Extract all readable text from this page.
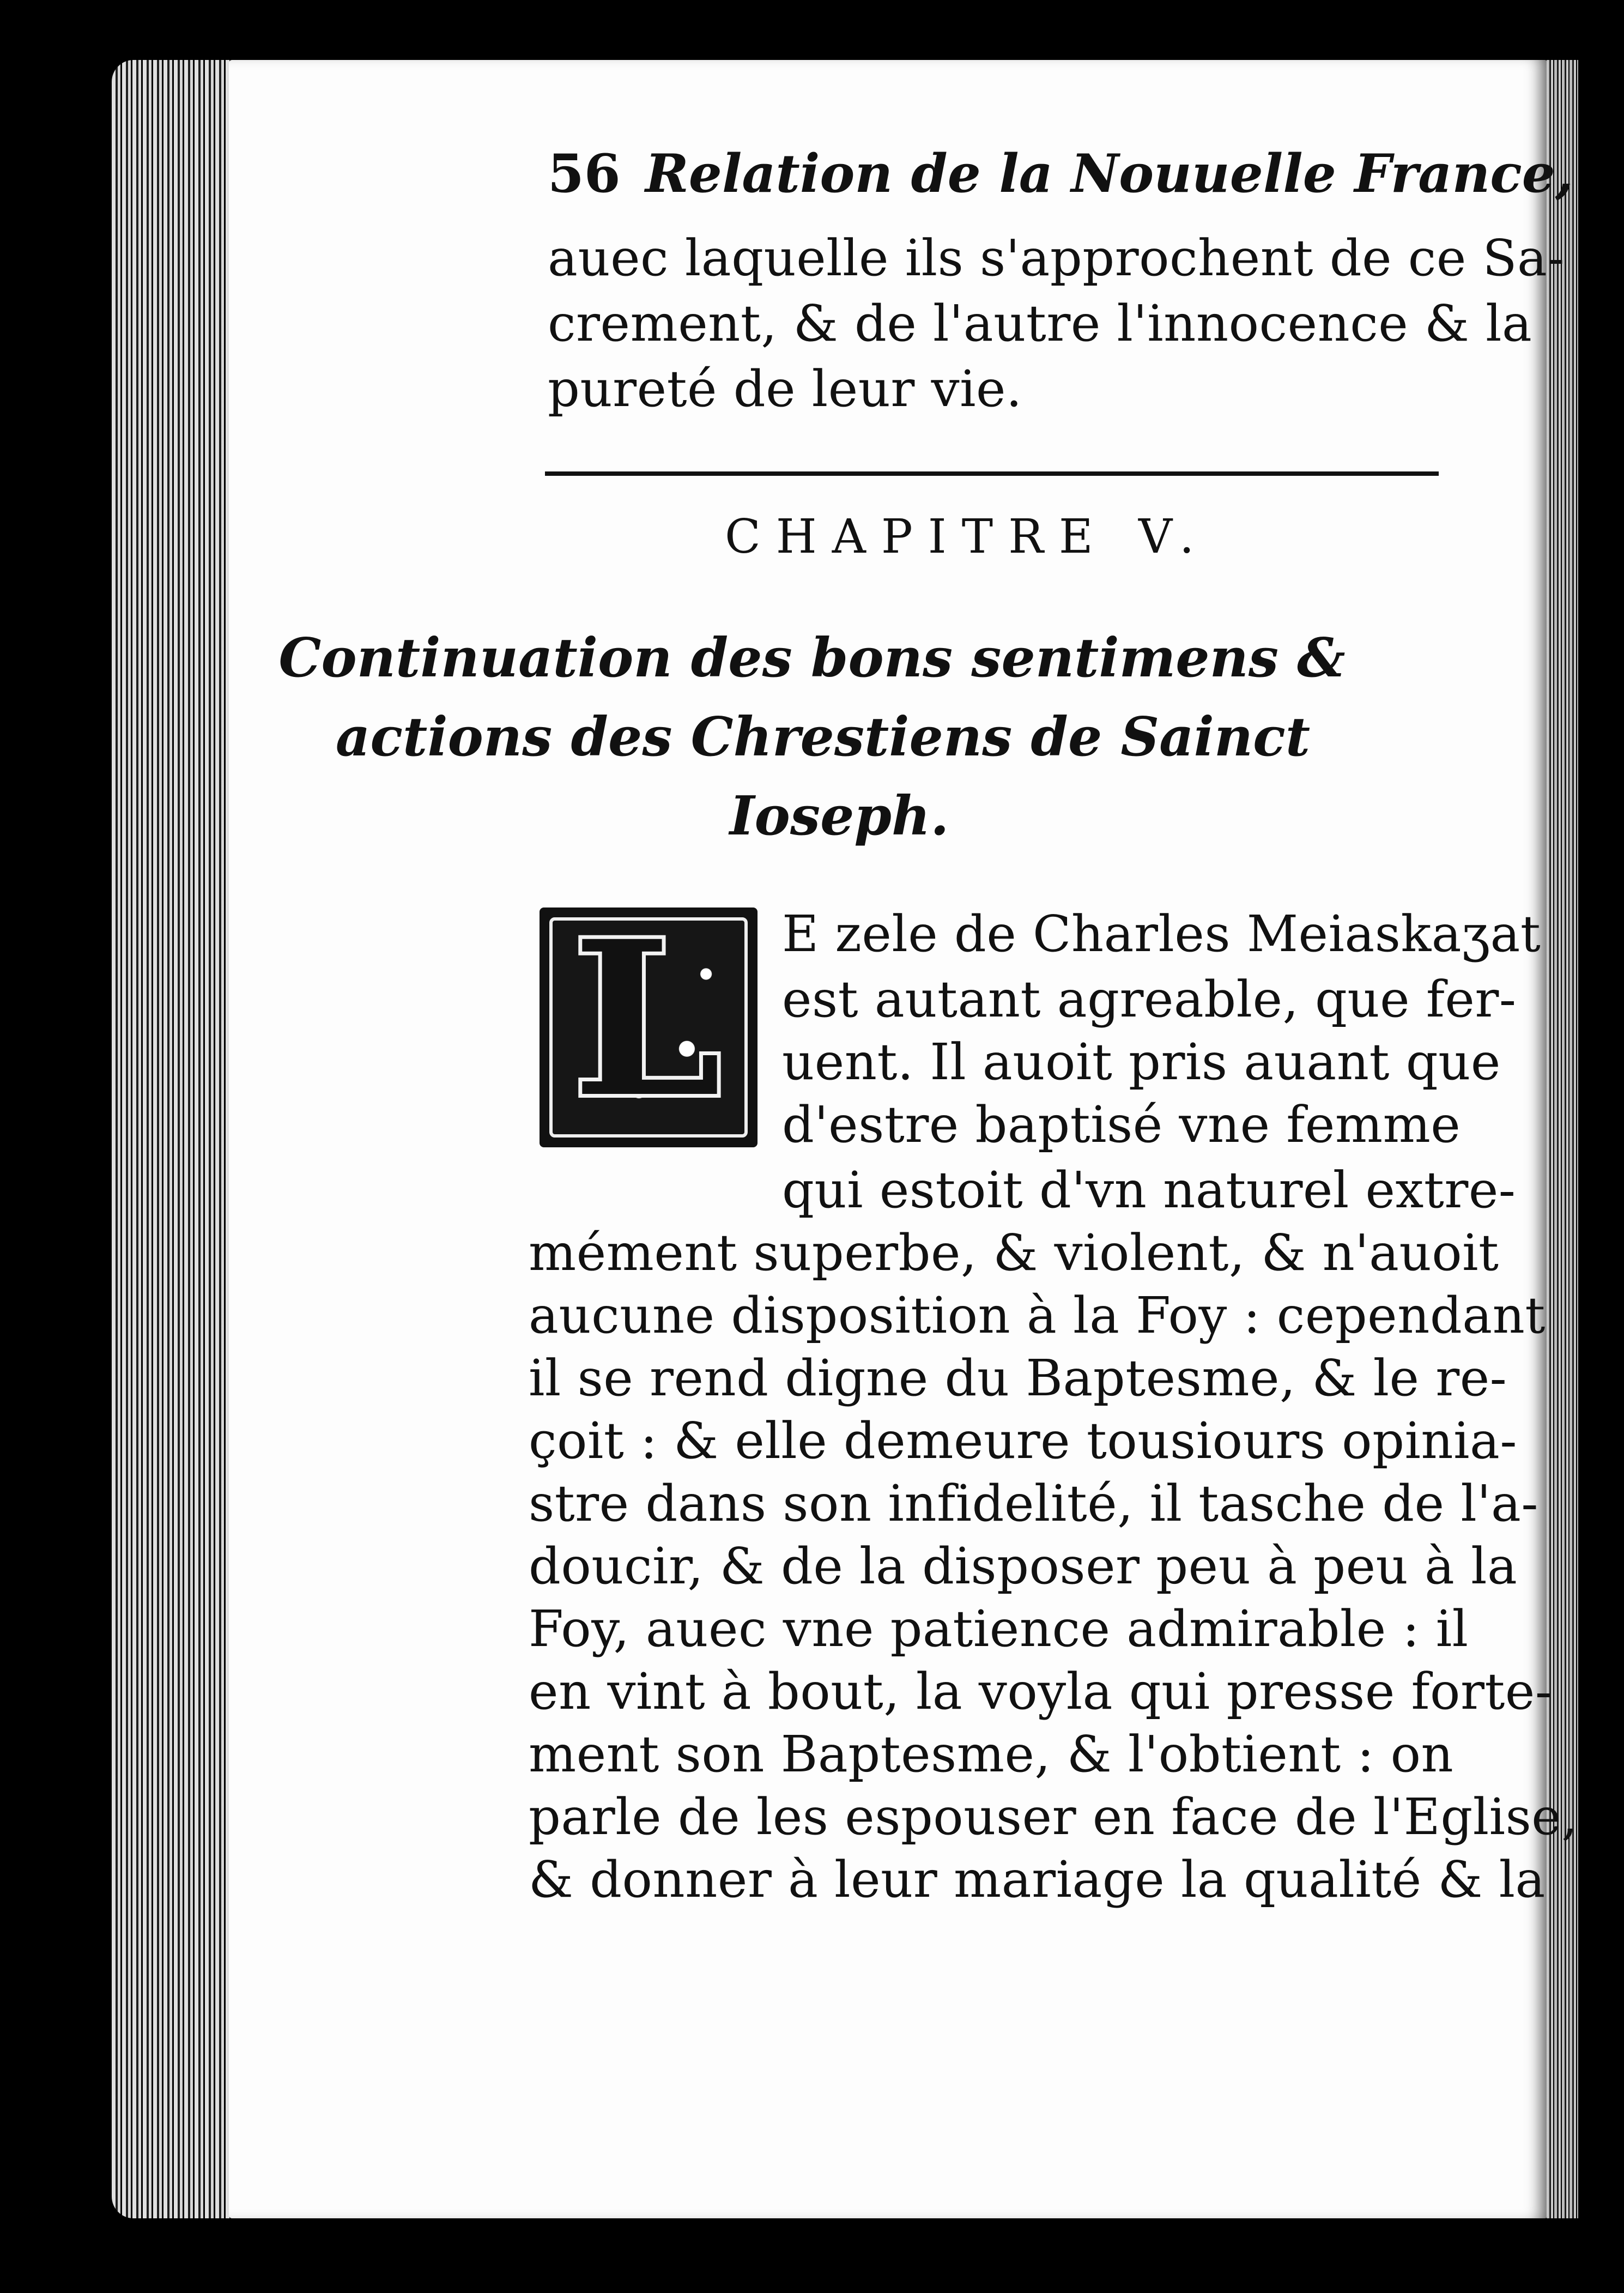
56 Relation de la Nouuelle France,
auec laquelle ils s'approchent de ce Sa-
crement, & de l'autre l'innocence & la
pureté de leur vie.
CHAPITRE V.
Continuation des bons sentimens &
actions des Chrestiens de Sainct
Ioseph.
L E zele de Charles Meiaskaʒat
est autant agreable, que fer-
uent. Il auoit pris auant que
d'estre baptisé vne femme
qui estoit d'vn naturel extre-
mément superbe, & violent, & n'auoit
aucune disposition à la Foy : cependant
il se rend digne du Baptesme, & le re-
çoit : & elle demeure tousiours opinia-
stre dans son infidelité, il tasche de l'a-
doucir, & de la disposer peu à peu à la
Foy, auec vne patience admirable : il
en vint à bout, la voyla qui presse forte-
ment son Baptesme, & l'obtient : on
parle de les espouser en face de l'Eglise,
& donner à leur mariage la qualité & la
